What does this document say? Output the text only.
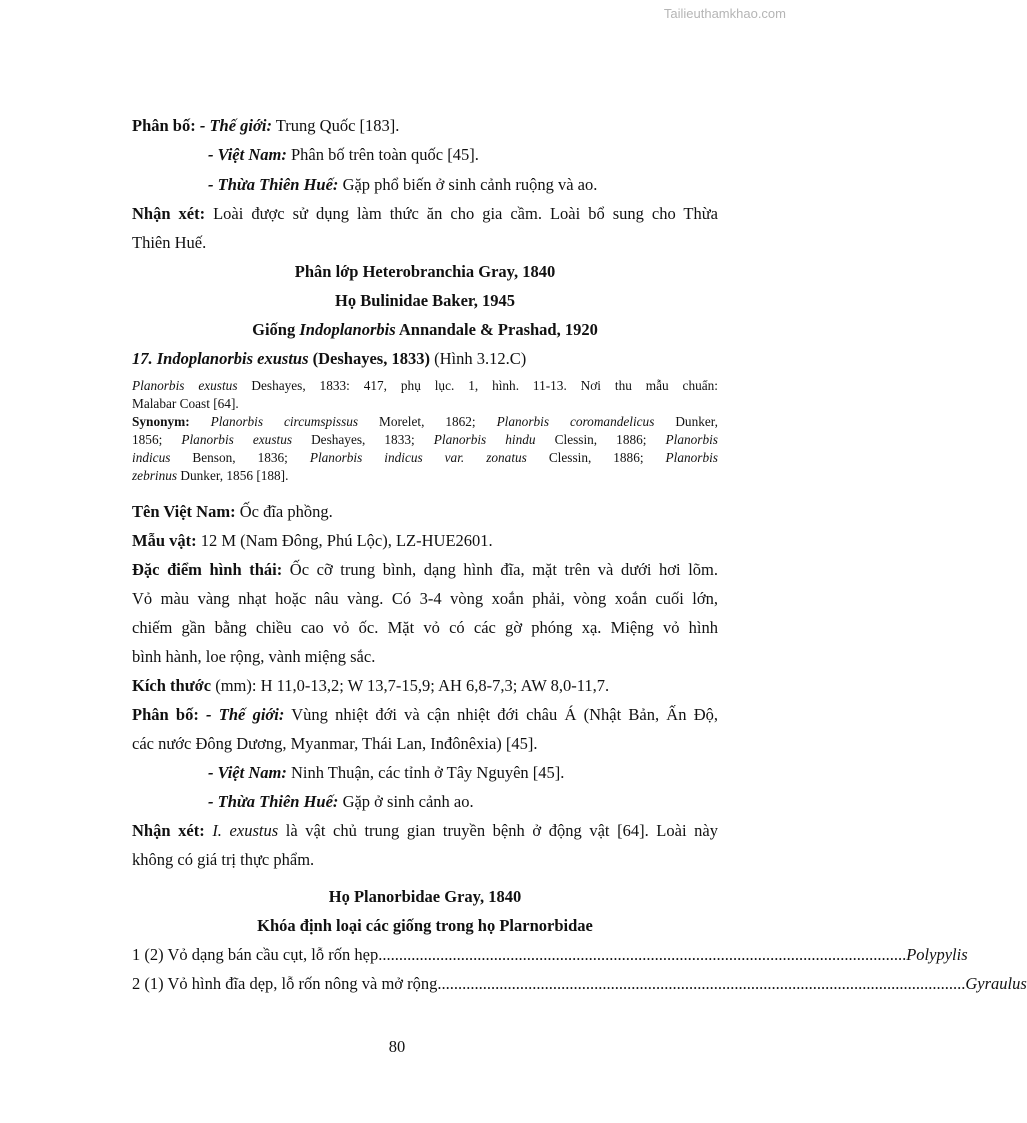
Tailieuthamkhao.com
Phân bố: - Thế giới: Trung Quốc [183].
- Việt Nam: Phân bố trên toàn quốc [45].
- Thừa Thiên Huế: Gặp phổ biến ở sinh cảnh ruộng và ao.
Nhận xét: Loài được sử dụng làm thức ăn cho gia cầm. Loài bổ sung cho Thừa
Thiên Huế.
Phân lớp Heterobranchia Gray, 1840
Họ Bulinidae Baker, 1945
Giống Indoplanorbis Annandale & Prashad, 1920
17. Indoplanorbis exustus (Deshayes, 1833) (Hình 3.12.C)
Planorbis exustus Deshayes, 1833: 417, phụ lục. 1, hình. 11-13. Nơi thu mẫu chuẩn:
Malabar Coast [64].
Synonym: Planorbis circumspissus Morelet, 1862; Planorbis coromandelicus Dunker,
1856; Planorbis exustus Deshayes, 1833; Planorbis hindu Clessin, 1886; Planorbis
indicus Benson, 1836; Planorbis indicus var. zonatus Clessin, 1886; Planorbis
zebrinus Dunker, 1856 [188].
Tên Việt Nam: Ốc đĩa phồng.
Mẫu vật: 12 M (Nam Đông, Phú Lộc), LZ-HUE2601.
Đặc điểm hình thái: Ốc cỡ trung bình, dạng hình đĩa, mặt trên và dưới hơi lõm.
Vỏ màu vàng nhạt hoặc nâu vàng. Có 3-4 vòng xoắn phải, vòng xoắn cuối lớn,
chiếm gần bằng chiều cao vỏ ốc. Mặt vỏ có các gờ phóng xạ. Miệng vỏ hình
bình hành, loe rộng, vành miệng sắc.
Kích thước (mm): H 11,0-13,2; W 13,7-15,9; AH 6,8-7,3; AW 8,0-11,7.
Phân bố: - Thế giới: Vùng nhiệt đới và cận nhiệt đới châu Á (Nhật Bản, Ấn Độ,
các nước Đông Dương, Myanmar, Thái Lan, Inđônêxia) [45].
- Việt Nam: Ninh Thuận, các tỉnh ở Tây Nguyên [45].
- Thừa Thiên Huế: Gặp ở sinh cảnh ao.
Nhận xét: I. exustus là vật chủ trung gian truyền bệnh ở động vật [64]. Loài này
không có giá trị thực phẩm.
Họ Planorbidae Gray, 1840
Khóa định loại các giống trong họ Plarnorbidae
1 (2) Vỏ dạng bán cầu cụt, lỗ rốn hẹp ................................................................................................................................ Polypylis
2 (1) Vỏ hình đĩa dẹp, lỗ rốn nông và mở rộng ................................................................................................................................ Gyraulus
80
